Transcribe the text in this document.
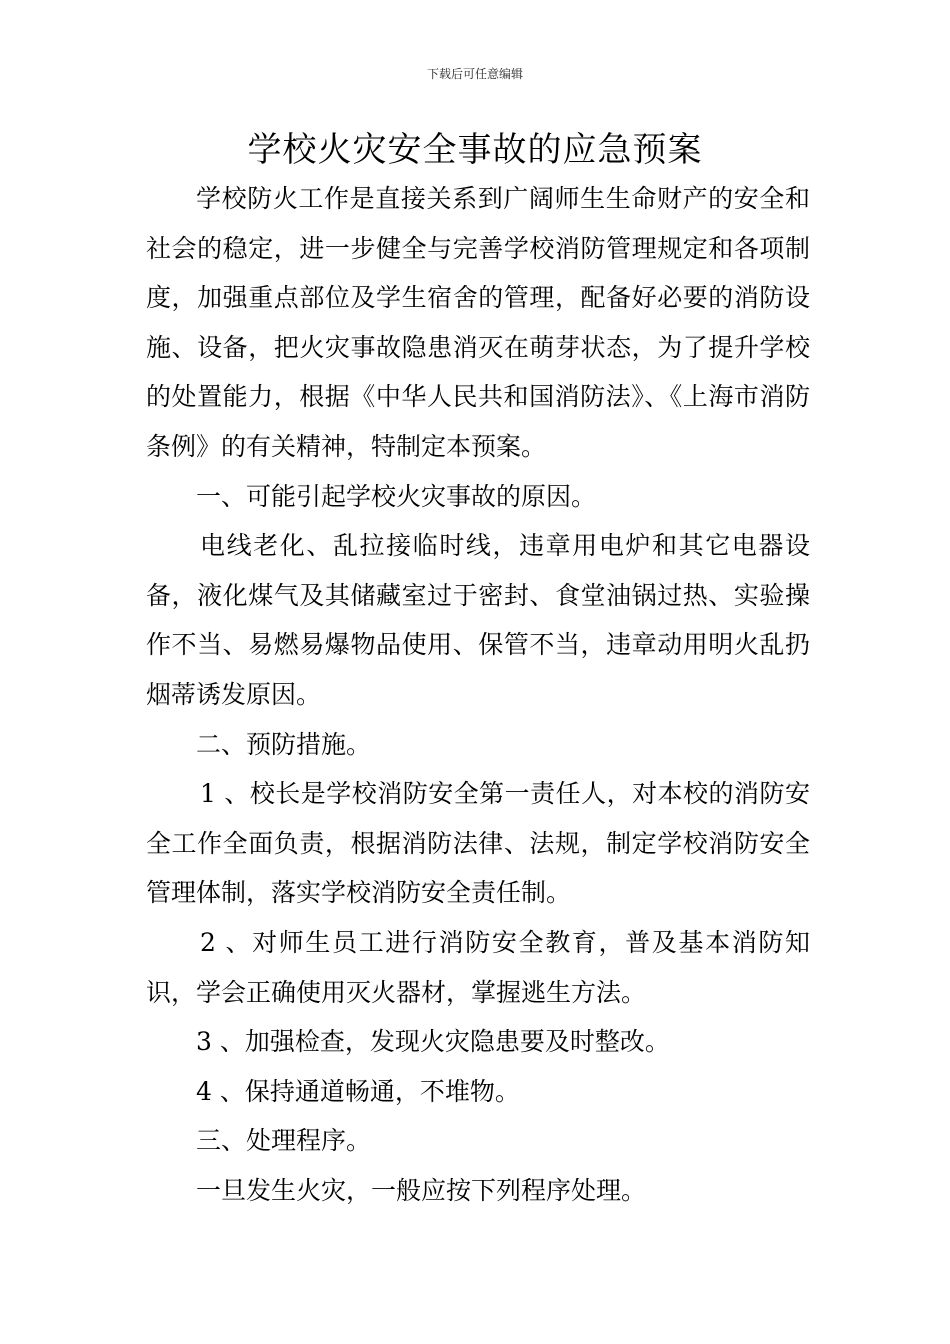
下载后可任意编辑
学校火灾安全事故的应急预案

学校防火工作是直接关系到广阔师生生命财产的安全和社会的稳定，进一步健全与完善学校消防管理规定和各项制度，加强重点部位及学生宿舍的管理，配备好必要的消防设施、设备，把火灾事故隐患消灭在萌芽状态，为了提升学校的处置能力，根据《中华人民共和国消防法》、《上海市消防条例》的有关精神，特制定本预案。

一、可能引起学校火灾事故的原因。

电线老化、乱拉接临时线，违章用电炉和其它电器设备，液化煤气及其储藏室过于密封、食堂油锅过热、实验操作不当、易燃易爆物品使用、保管不当，违章动用明火乱扔烟蒂诱发原因。

二、预防措施。

1 、校长是学校消防安全第一责任人，对本校的消防安全工作全面负责，根据消防法律、法规，制定学校消防安全管理体制，落实学校消防安全责任制。

2 、对师生员工进行消防安全教育，普及基本消防知识，学会正确使用灭火器材，掌握逃生方法。

3 、加强检查，发现火灾隐患要及时整改。

4 、保持通道畅通，不堆物。

三、处理程序。

一旦发生火灾，一般应按下列程序处理。
